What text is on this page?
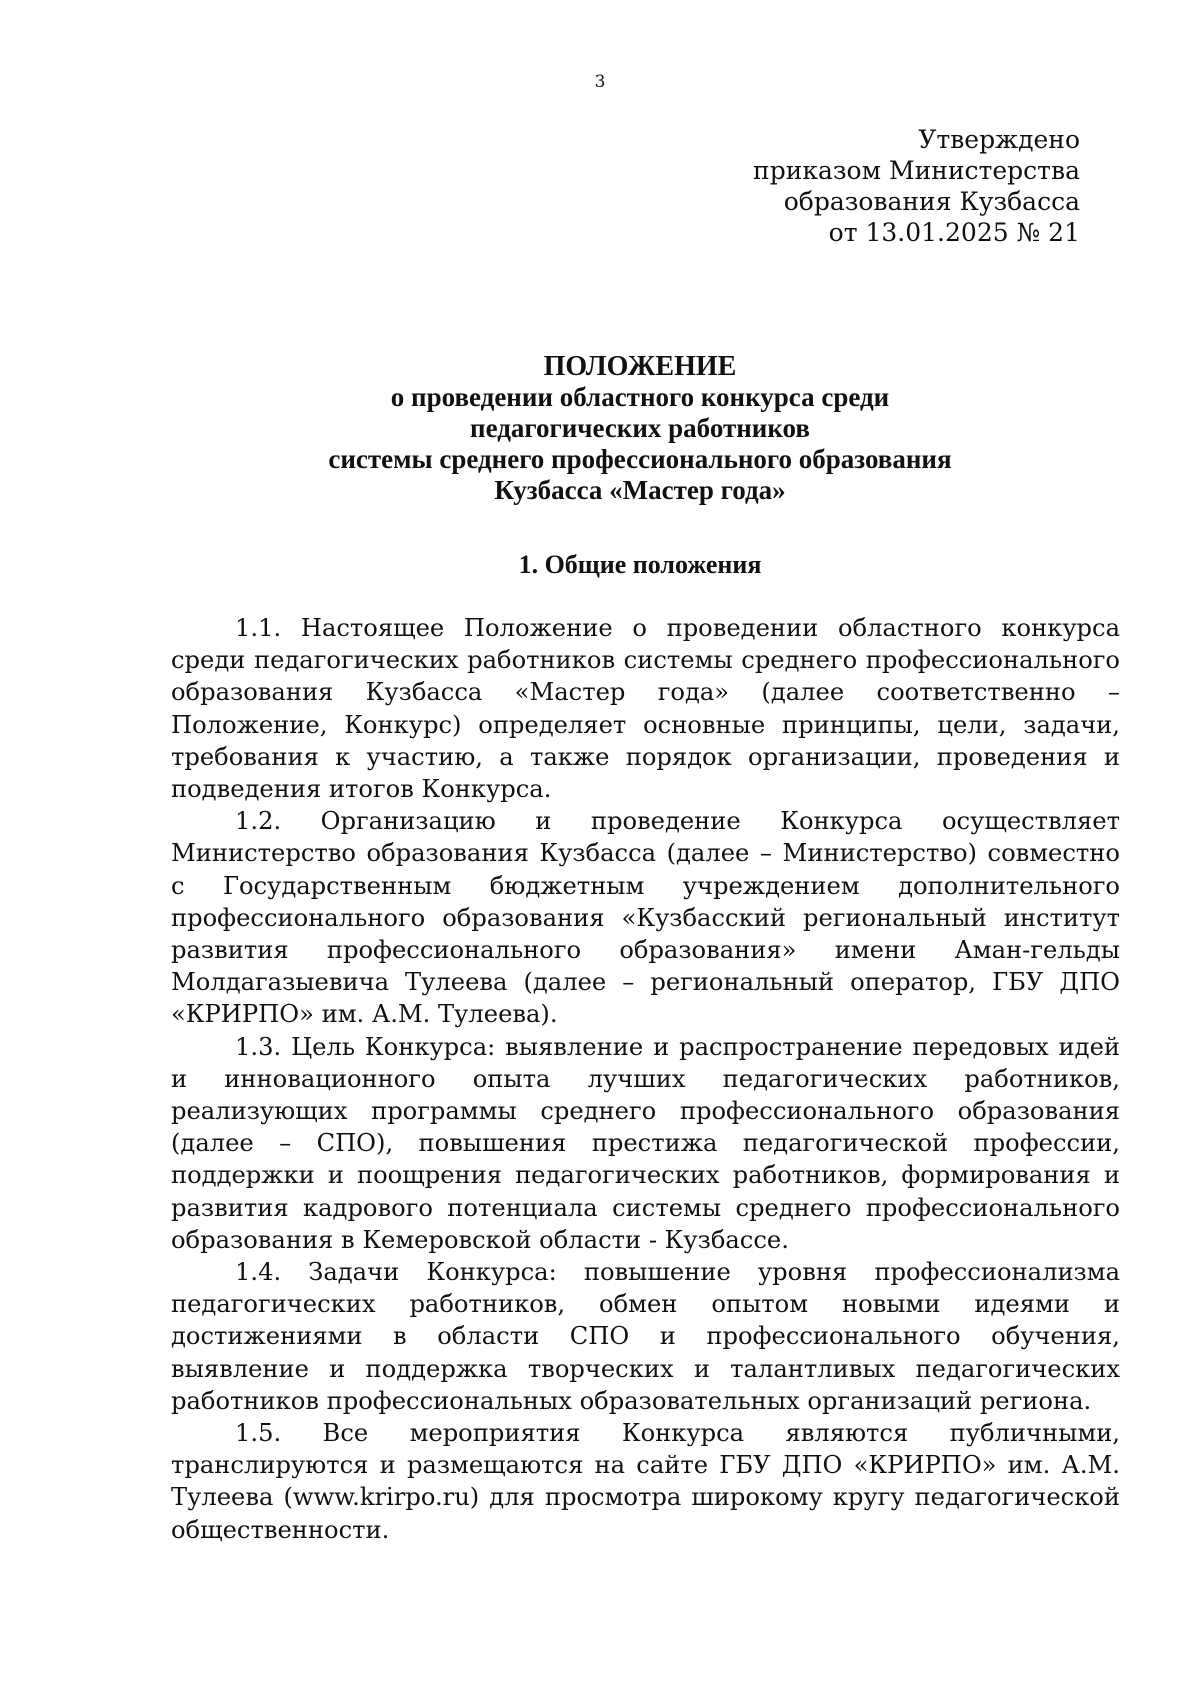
3
Утверждено
приказом Министерства
образования Кузбасса
от 13.01.2025 № 21
ПОЛОЖЕНИЕ
о проведении областного конкурса среди
педагогических работников
системы среднего профессионального образования
Кузбасса «Мастер года»
1. Общие положения

1.1. Настоящее Положение о проведении областного конкурса среди педагогических работников системы среднего профессионального образования Кузбасса «Мастер года» (далее соответственно – Положение, Конкурс) определяет основные принципы, цели, задачи, требования к участию, а также порядок организации, проведения и подведения итогов Конкурса.

1.2. Организацию и проведение Конкурса осуществляет Министерство образования Кузбасса (далее – Министерство) совместно с Государственным бюджетным учреждением дополнительного профессионального образования «Кузбасский региональный институт развития профессионального образования» имени Аман-гельды Молдагазыевича Тулеева (далее – региональный оператор, ГБУ ДПО «КРИРПО» им. А.М. Тулеева).

1.3. Цель Конкурса: выявление и распространение передовых идей и инновационного опыта лучших педагогических работников, реализующих программы среднего профессионального образования (далее – СПО), повышения престижа педагогической профессии, поддержки и поощрения педагогических работников, формирования и развития кадрового потенциала системы среднего профессионального образования в Кемеровской области - Кузбассе.

1.4. Задачи Конкурса: повышение уровня профессионализма педагогических работников, обмен опытом новыми идеями и достижениями в области СПО и профессионального обучения, выявление и поддержка творческих и талантливых педагогических работников профессиональных образовательных организаций региона.

1.5. Все мероприятия Конкурса являются публичными, транслируются и размещаются на сайте ГБУ ДПО «КРИРПО» им. А.М. Тулеева (www.krirpo.ru) для просмотра широкому кругу педагогической общественности.
